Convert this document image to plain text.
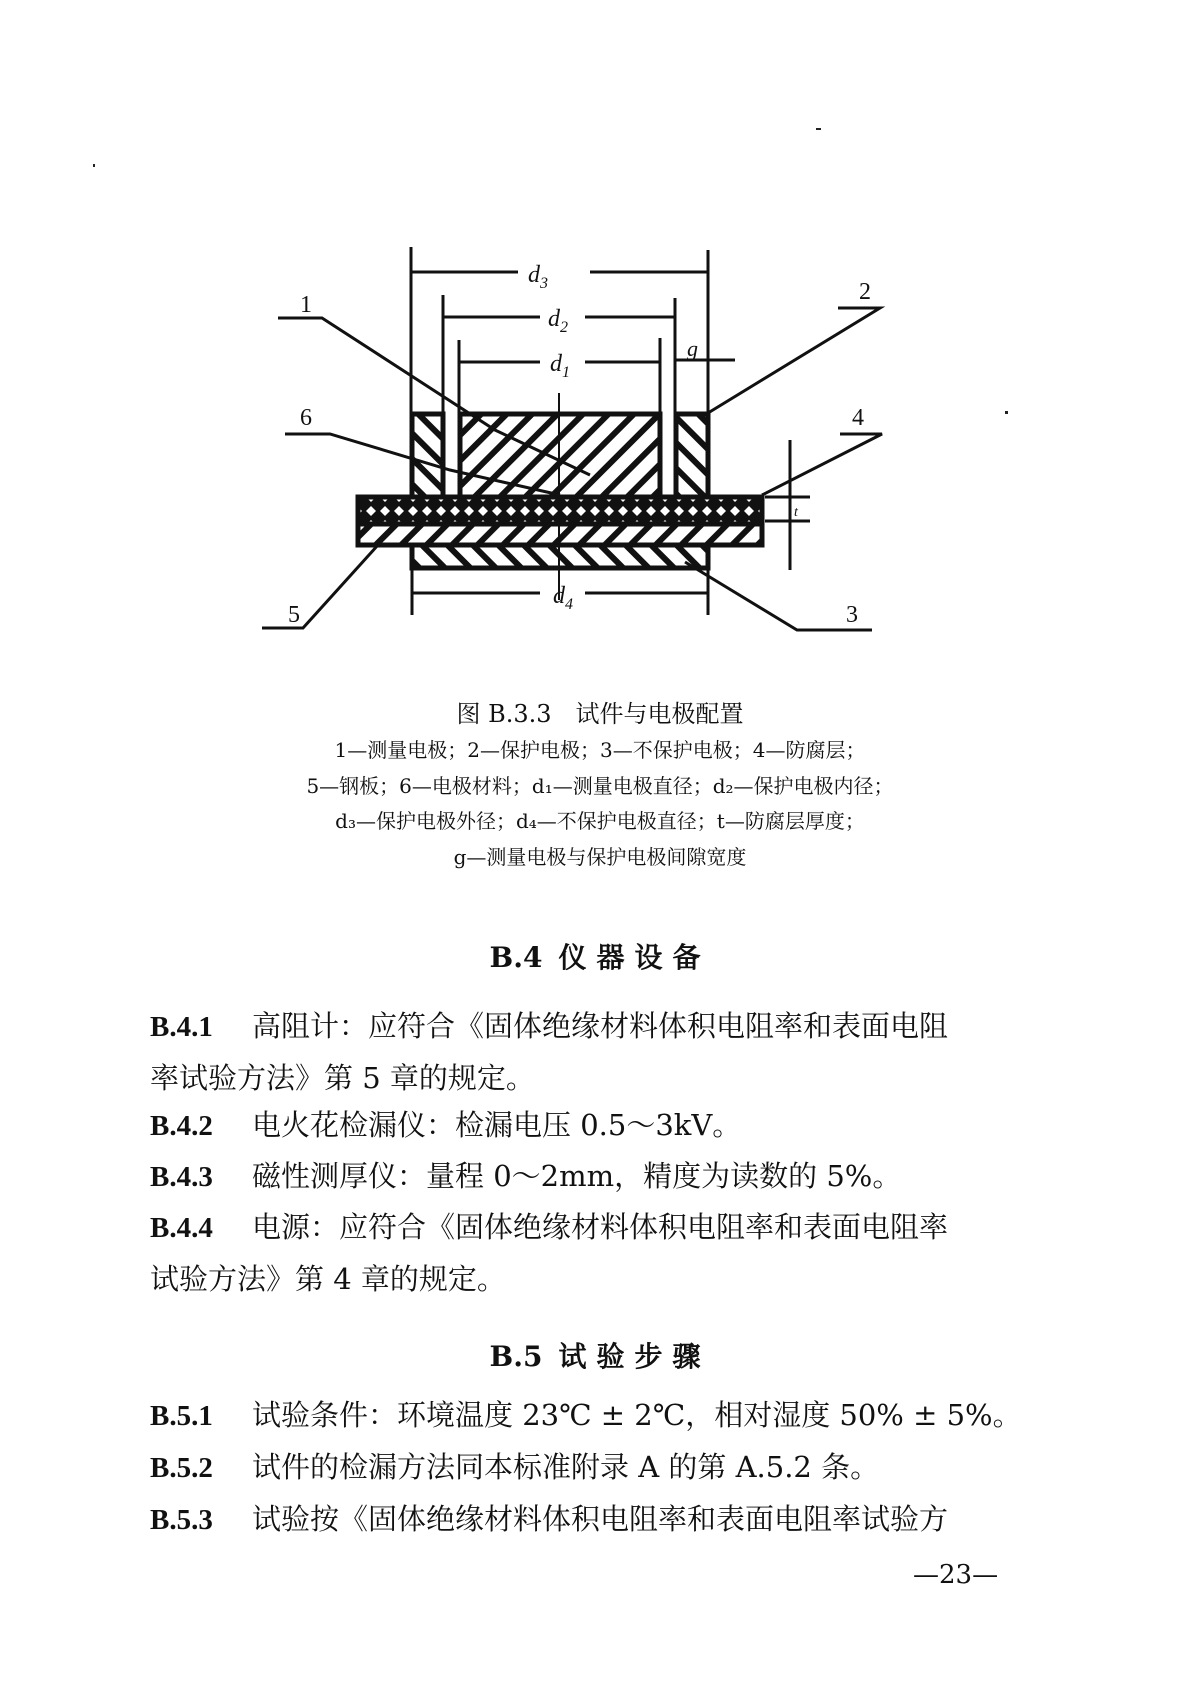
$d_3$
$d_2$
$d_1$
$d_4$
g
t
1	2
3
4
5
6
图 B.3.3　试件与电极配置
1—测量电极；2—保护电极；3—不保护电极；4—防腐层；
5—钢板；6—电极材料；d₁—测量电极直径；d₂—保护电极内径；
d₃—保护电极外径；d₄—不保护电极直径；t—防腐层厚度；
g—测量电极与保护电极间隙宽度
B.4 仪器设备
B.4.1 高阻计：应符合《固体绝缘材料体积电阻率和表面电阻
率试验方法》第 5 章的规定。
B.4.2 电火花检漏仪：检漏电压 0.5～3kV。
B.4.3 磁性测厚仪：量程 0～2mm，精度为读数的 5%。
B.4.4 电源：应符合《固体绝缘材料体积电阻率和表面电阻率
试验方法》第 4 章的规定。
B.5 试验步骤
B.5.1 试验条件：环境温度 23℃ ± 2℃，相对湿度 50% ± 5%。
B.5.2 试件的检漏方法同本标准附录 A 的第 A.5.2 条。
B.5.3 试验按《固体绝缘材料体积电阻率和表面电阻率试验方
—23—
